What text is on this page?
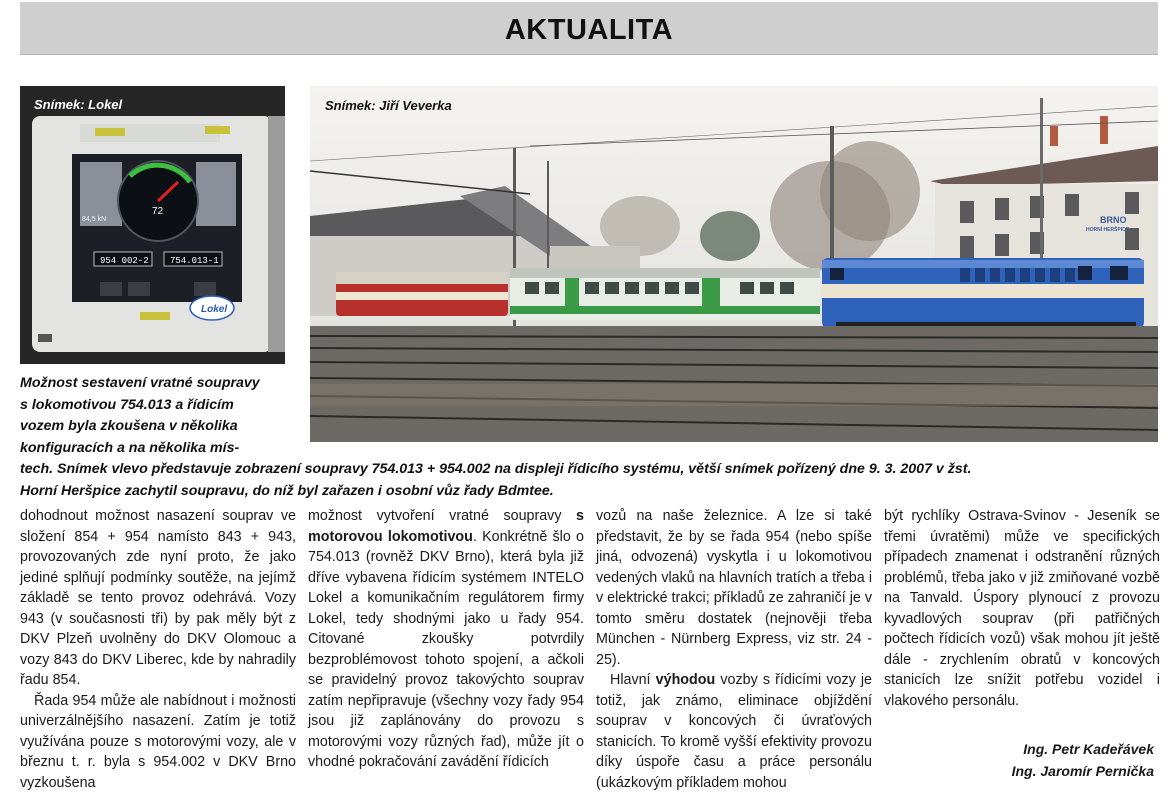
AKTUALITA
72
84,5 kN
954 002-2 754.013-1
Lokel
Snímek: Lokel
BRNO
HORNÍ HERŠPICE
Snímek: Jiří Veverka
Možnost sestavení vratné soupravy
s lokomotivou 754.013 a řídicím
vozem byla zkoušena v několika
konfiguracích a na několika mís-
tech. Snímek vlevo představuje zobrazení soupravy 754.013 + 954.002 na displeji řídicího systému, větší snímek pořízený dne 9. 3. 2007 v žst.
Horní Heršpice zachytil soupravu, do níž byl zařazen i osobní vůz řady Bdmtee.

dohodnout možnost nasazení souprav ve složení 854 + 954 namísto 843 + 943, provozovaných zde nyní proto, že jako jediné splňují podmínky soutěže, na jejímž základě se tento provoz odehrává. Vozy 943 (v současnosti tři) by pak měly být z DKV Plzeň uvolněny do DKV Olomouc a vozy 843 do DKV Liberec, kde by nahradily řadu 854.

Řada 954 může ale nabídnout i možnosti univerzálnějšího nasazení. Zatím je totiž využívána pouze s motorovými vozy, ale v březnu t. r. byla s 954.002 v DKV Brno vyzkoušena

možnost vytvoření vratné soupravy s motorovou lokomotivou. Konkrétně šlo o 754.013 (rovněž DKV Brno), která byla již dříve vybavena řídicím systémem INTELO Lokel a komunikačním regulátorem firmy Lokel, tedy shodnými jako u řady 954. Citované zkoušky potvrdily bezproblémovost tohoto spojení, a ačkoli se pravidelný provoz takovýchto souprav zatím nepřipravuje (všechny vozy řady 954 jsou již zaplánovány do provozu s motorovými vozy různých řad), může jít o vhodné pokračování zavádění řídicích

vozů na naše železnice. A lze si také představit, že by se řada 954 (nebo spíše jiná, odvozená) vyskytla i u lokomotivou vedených vlaků na hlavních tratích a třeba i v elektrické trakci; příkladů ze zahraničí je v tomto směru dostatek (nejnověji třeba München - Nürnberg Express, viz str. 24 - 25).

Hlavní výhodou vozby s řídicími vozy je totiž, jak známo, eliminace objíždění souprav v koncových či úvraťových stanicích. To kromě vyšší efektivity provozu díky úspoře času a práce personálu (ukázkovým příkladem mohou

být rychlíky Ostrava-Svinov - Jeseník se třemi úvratěmi) může ve specifických případech znamenat i odstranění různých problémů, třeba jako v již zmiňované vozbě na Tanvald. Úspory plynoucí z provozu kyvadlových souprav (při patřičných počtech řídicích vozů) však mohou jít ještě dále - zrychlením obratů v koncových stanicích lze snížit potřebu vozidel i vlakového personálu.

Ing. Petr Kadeřávek
Ing. Jaromír Pernička
